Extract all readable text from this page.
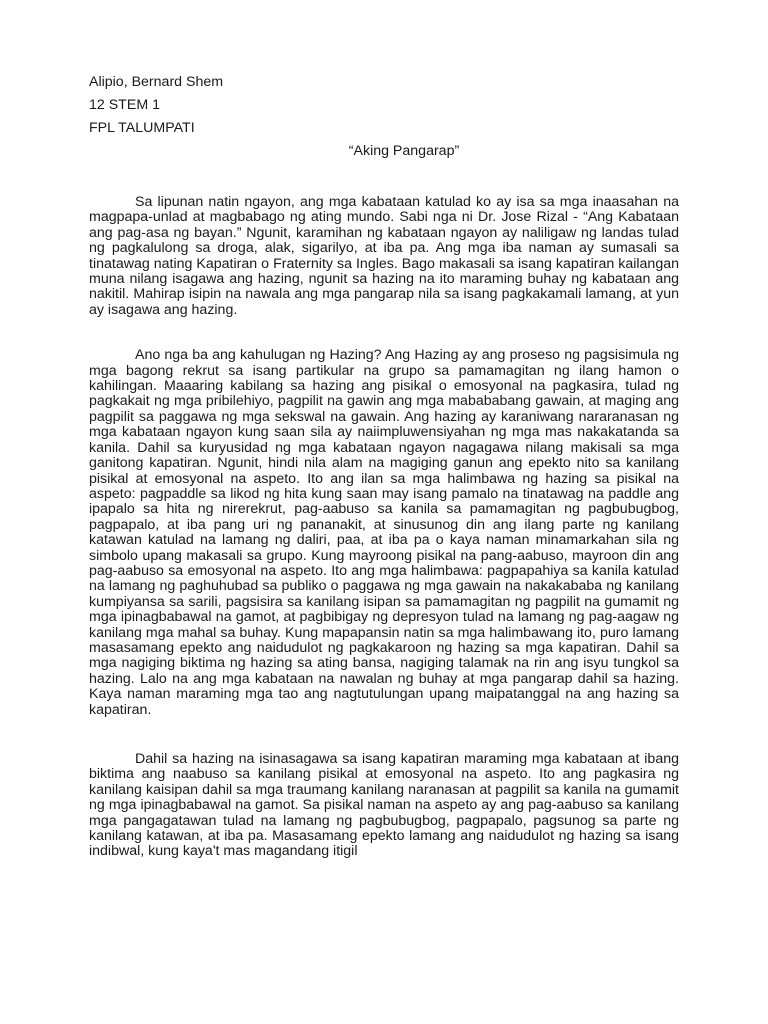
Alipio, Bernard Shem

12 STEM 1

FPL TALUMPATI

“Aking Pangarap”

Sa lipunan natin ngayon, ang mga kabataan katulad ko ay isa sa mga inaasahan na magpapa-unlad at magbabago ng ating mundo. Sabi nga ni Dr. Jose Rizal - “Ang Kabataan ang pag-asa ng bayan.” Ngunit, karamihan ng kabataan ngayon ay naliligaw ng landas tulad ng pagkalulong sa droga, alak, sigarilyo, at iba pa. Ang mga iba naman ay sumasali sa tinatawag nating Kapatiran o Fraternity sa Ingles. Bago makasali sa isang kapatiran kailangan muna nilang isagawa ang hazing, ngunit sa hazing na ito maraming buhay ng kabataan ang nakitil. Mahirap isipin na nawala ang mga pangarap nila sa isang pagkakamali lamang, at yun ay isagawa ang hazing.

Ano nga ba ang kahulugan ng Hazing? Ang Hazing ay ang proseso ng pagsisimula ng mga bagong rekrut sa isang partikular na grupo sa pamamagitan ng ilang hamon o kahilingan. Maaaring kabilang sa hazing ang pisikal o emosyonal na pagkasira, tulad ng pagkakait ng mga pribilehiyo, pagpilit na gawin ang mga mabababang gawain, at maging ang pagpilit sa paggawa ng mga sekswal na gawain. Ang hazing ay karaniwang nararanasan ng mga kabataan ngayon kung saan sila ay naiimpluwensiyahan ng mga mas nakakatanda sa kanila. Dahil sa kuryusidad ng mga kabataan ngayon nagagawa nilang makisali sa mga ganitong kapatiran. Ngunit, hindi nila alam na magiging ganun ang epekto nito sa kanilang pisikal at emosyonal na aspeto. Ito ang ilan sa mga halimbawa ng hazing sa pisikal na aspeto: pagpaddle sa likod ng hita kung saan may isang pamalo na tinatawag na paddle ang ipapalo sa hita ng nirerekrut, pag-aabuso sa kanila sa pamamagitan ng pagbubugbog, pagpapalo, at iba pang uri ng pananakit, at sinusunog din ang ilang parte ng kanilang katawan katulad na lamang ng daliri, paa, at iba pa o kaya naman minamarkahan sila ng simbolo upang makasali sa grupo. Kung mayroong pisikal na pang-aabuso, mayroon din ang pag-aabuso sa emosyonal na aspeto. Ito ang mga halimbawa: pagpapahiya sa kanila katulad na lamang ng paghuhubad sa publiko o paggawa ng mga gawain na nakakababa ng kanilang kumpiyansa sa sarili, pagsisira sa kanilang isipan sa pamamagitan ng pagpilit na gumamit ng mga ipinagbabawal na gamot, at pagbibigay ng depresyon tulad na lamang ng pag-aagaw ng kanilang mga mahal sa buhay. Kung mapapansin natin sa mga halimbawang ito, puro lamang masasamang epekto ang naidudulot ng pagkakaroon ng hazing sa mga kapatiran. Dahil sa mga nagiging biktima ng hazing sa ating bansa, nagiging talamak na rin ang isyu tungkol sa hazing. Lalo na ang mga kabataan na nawalan ng buhay at mga pangarap dahil sa hazing. Kaya naman maraming mga tao ang nagtutulungan upang maipatanggal na ang hazing sa kapatiran.

Dahil sa hazing na isinasagawa sa isang kapatiran maraming mga kabataan at ibang biktima ang naabuso sa kanilang pisikal at emosyonal na aspeto. Ito ang pagkasira ng kanilang kaisipan dahil sa mga traumang kanilang naranasan at pagpilit sa kanila na gumamit ng mga ipinagbabawal na gamot. Sa pisikal naman na aspeto ay ang pag-aabuso sa kanilang mga pangagatawan tulad na lamang ng pagbubugbog, pagpapalo, pagsunog sa parte ng kanilang katawan, at iba pa. Masasamang epekto lamang ang naidudulot ng hazing sa isang indibwal, kung kaya't mas magandang itigil
